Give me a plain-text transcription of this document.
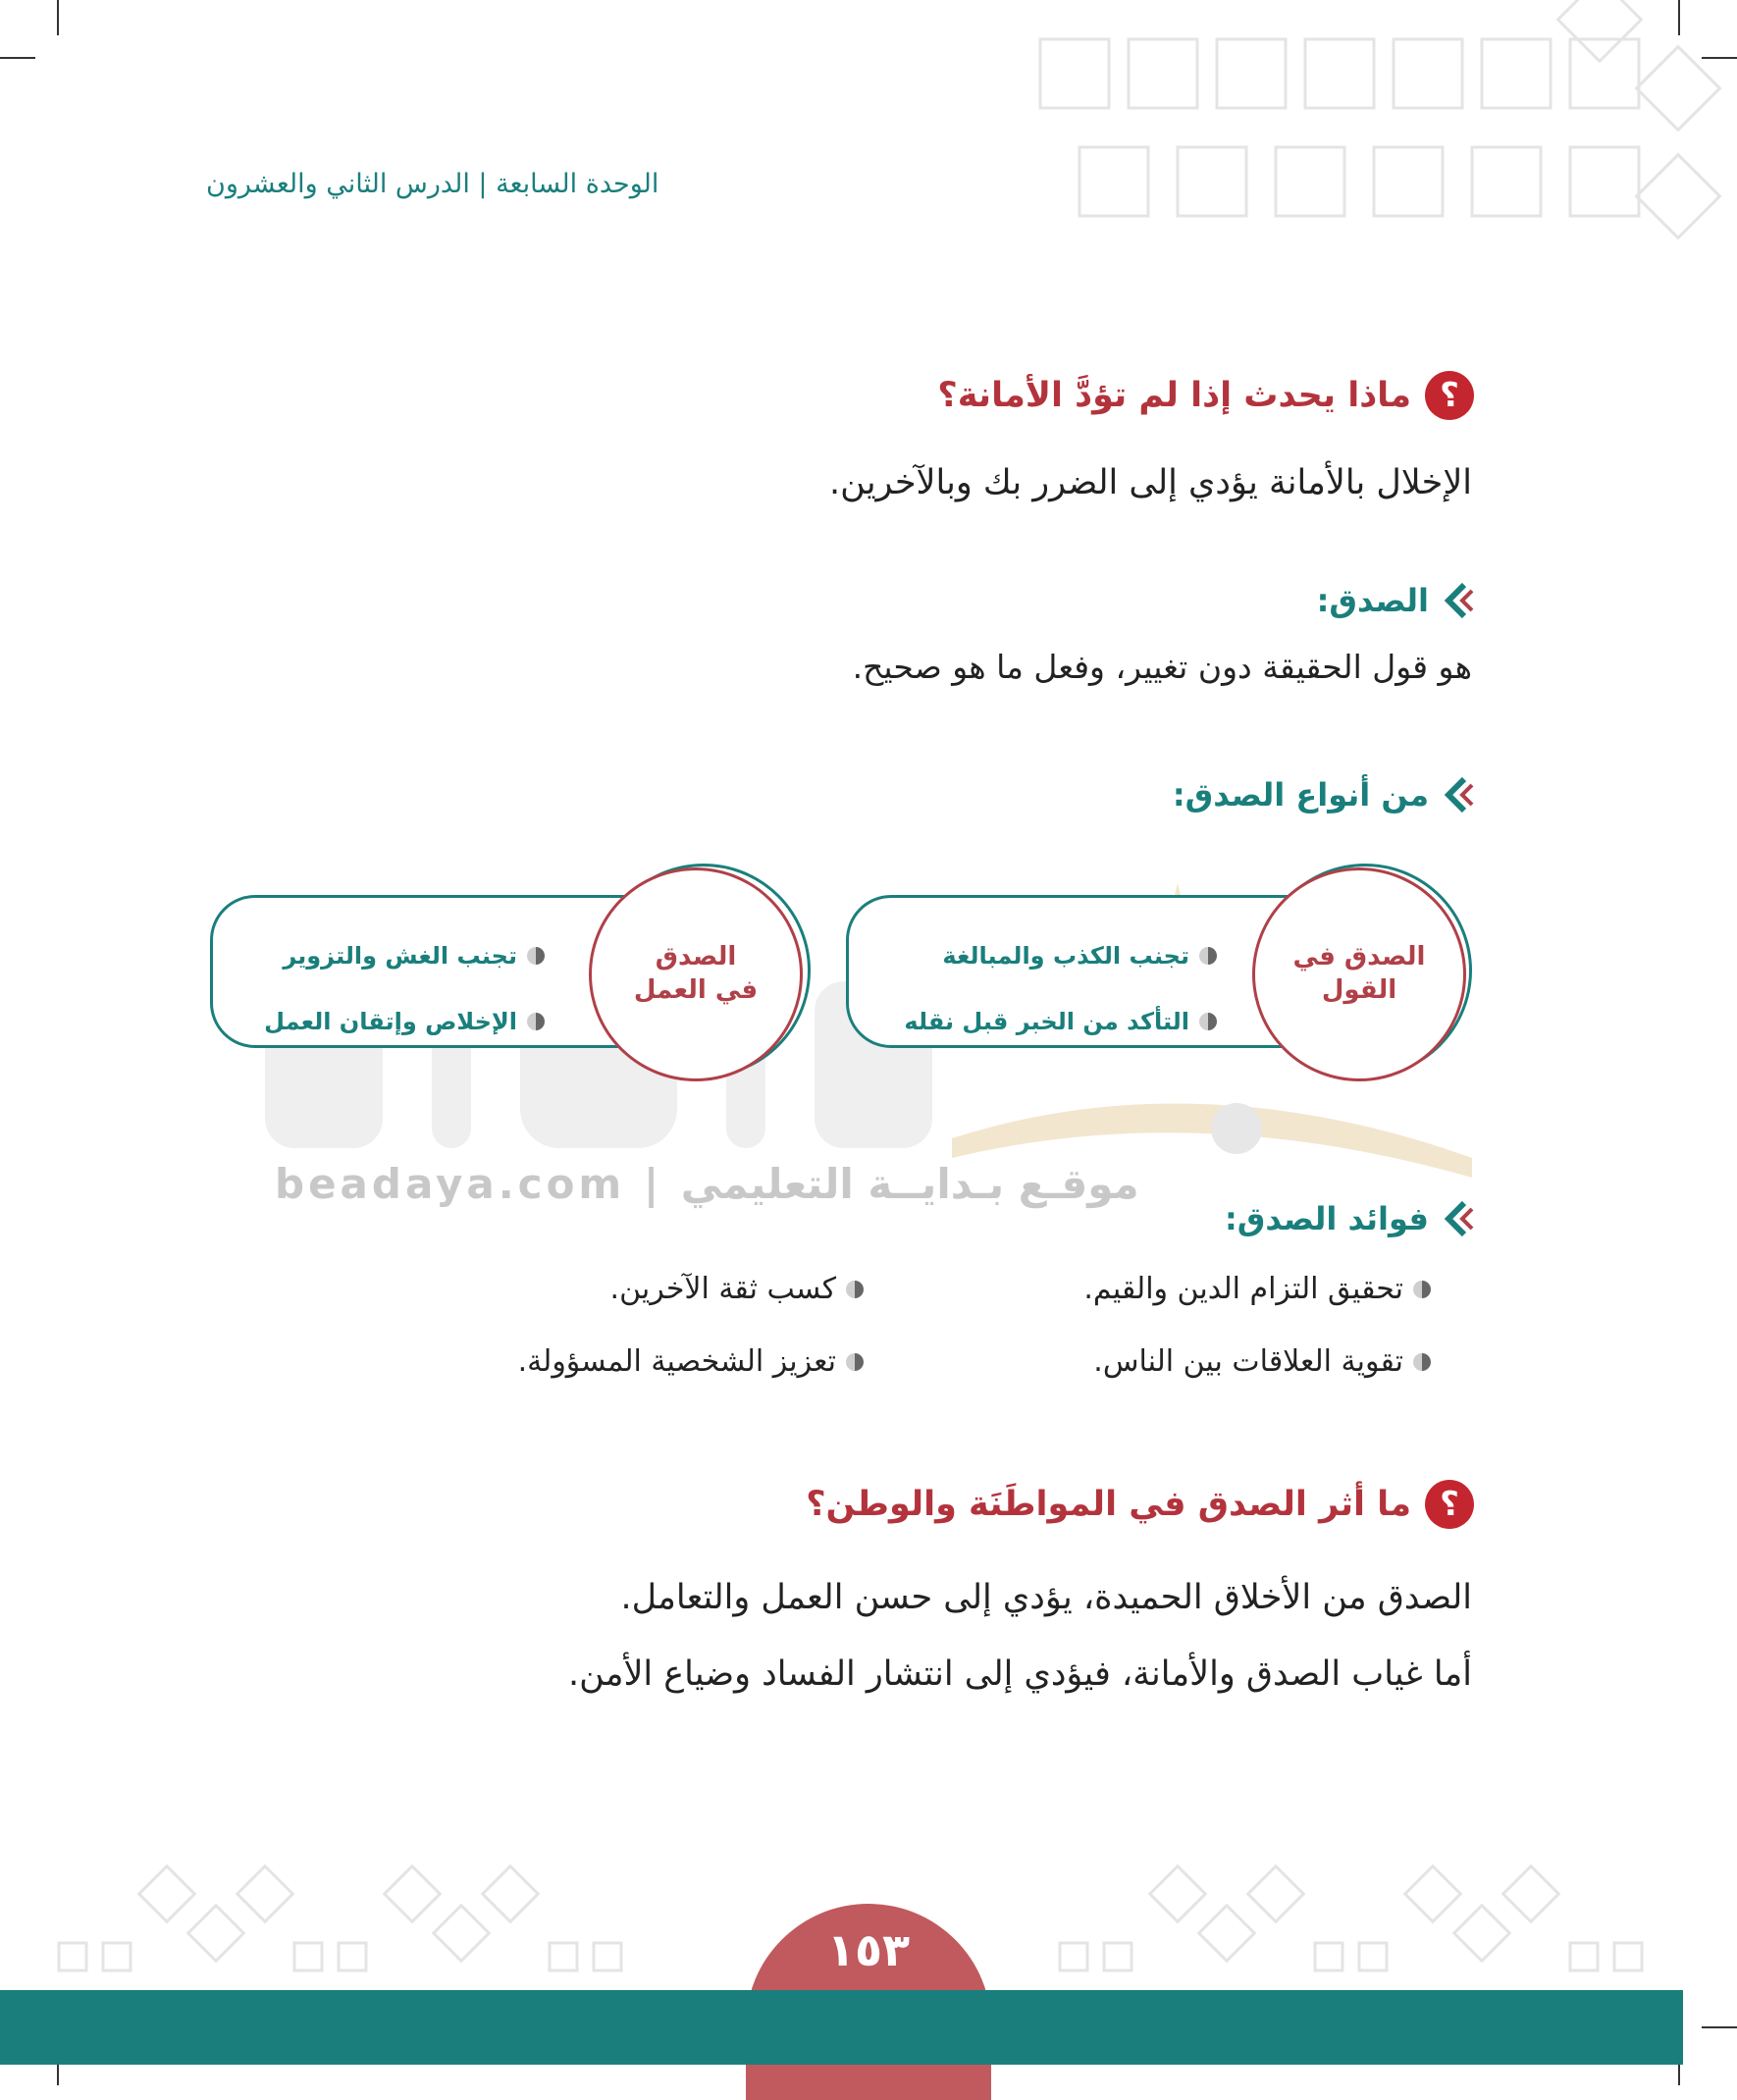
الوحدة السابعة | الدرس الثاني والعشرون
؟
ماذا يحدث إذا لم تؤدَّ الأمانة؟
الإخلال بالأمانة يؤدي إلى الضرر بك وبالآخرين.
الصدق:
هو قول الحقيقة دون تغيير، وفعل ما هو صحيح.
من أنواع الصدق:
beadaya.com | موقـع بـدايــة التعليمي
الصدق في القول
تجنب الكذب والمبالغة
التأكد من الخبر قبل نقله
الصدق في العمل
تجنب الغش والتزوير
الإخلاص وإتقان العمل
فوائد الصدق:
تحقيق التزام الدين والقيم.
كسب ثقة الآخرين.
تقوية العلاقات بين الناس.
تعزيز الشخصية المسؤولة.
؟
ما أثر الصدق في المواطَنَة والوطن؟
الصدق من الأخلاق الحميدة، يؤدي إلى حسن العمل والتعامل.
أما غياب الصدق والأمانة، فيؤدي إلى انتشار الفساد وضياع الأمن.
١٥٣
